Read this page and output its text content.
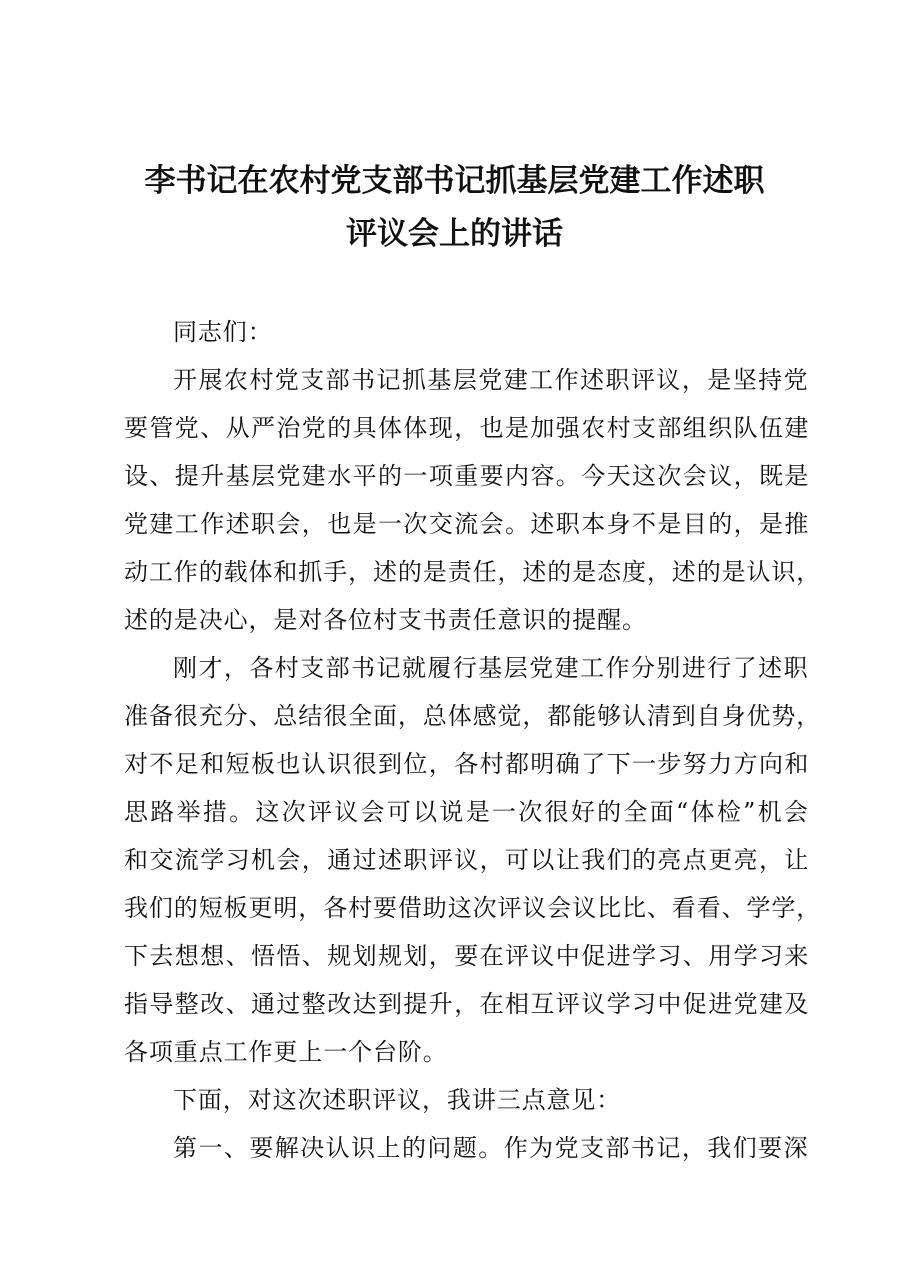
李书记在农村党支部书记抓基层党建工作述职
评议会上的讲话
同志们：
开展农村党支部书记抓基层党建工作述职评议，是坚持党
要管党、从严治党的具体体现，也是加强农村支部组织队伍建
设、提升基层党建水平的一项重要内容。今天这次会议，既是
党建工作述职会，也是一次交流会。述职本身不是目的，是推
动工作的载体和抓手，述的是责任，述的是态度，述的是认识，
述的是决心，是对各位村支书责任意识的提醒。
刚才，各村支部书记就履行基层党建工作分别进行了述职
准备很充分、总结很全面，总体感觉，都能够认清到自身优势，
对不足和短板也认识很到位，各村都明确了下一步努力方向和
思路举措。这次评议会可以说是一次很好的全面“体检”机会
和交流学习机会，通过述职评议，可以让我们的亮点更亮，让
我们的短板更明，各村要借助这次评议会议比比、看看、学学，
下去想想、悟悟、规划规划，要在评议中促进学习、用学习来
指导整改、通过整改达到提升，在相互评议学习中促进党建及
各项重点工作更上一个台阶。
下面，对这次述职评议，我讲三点意见：
第一、要解决认识上的问题。作为党支部书记，我们要深
